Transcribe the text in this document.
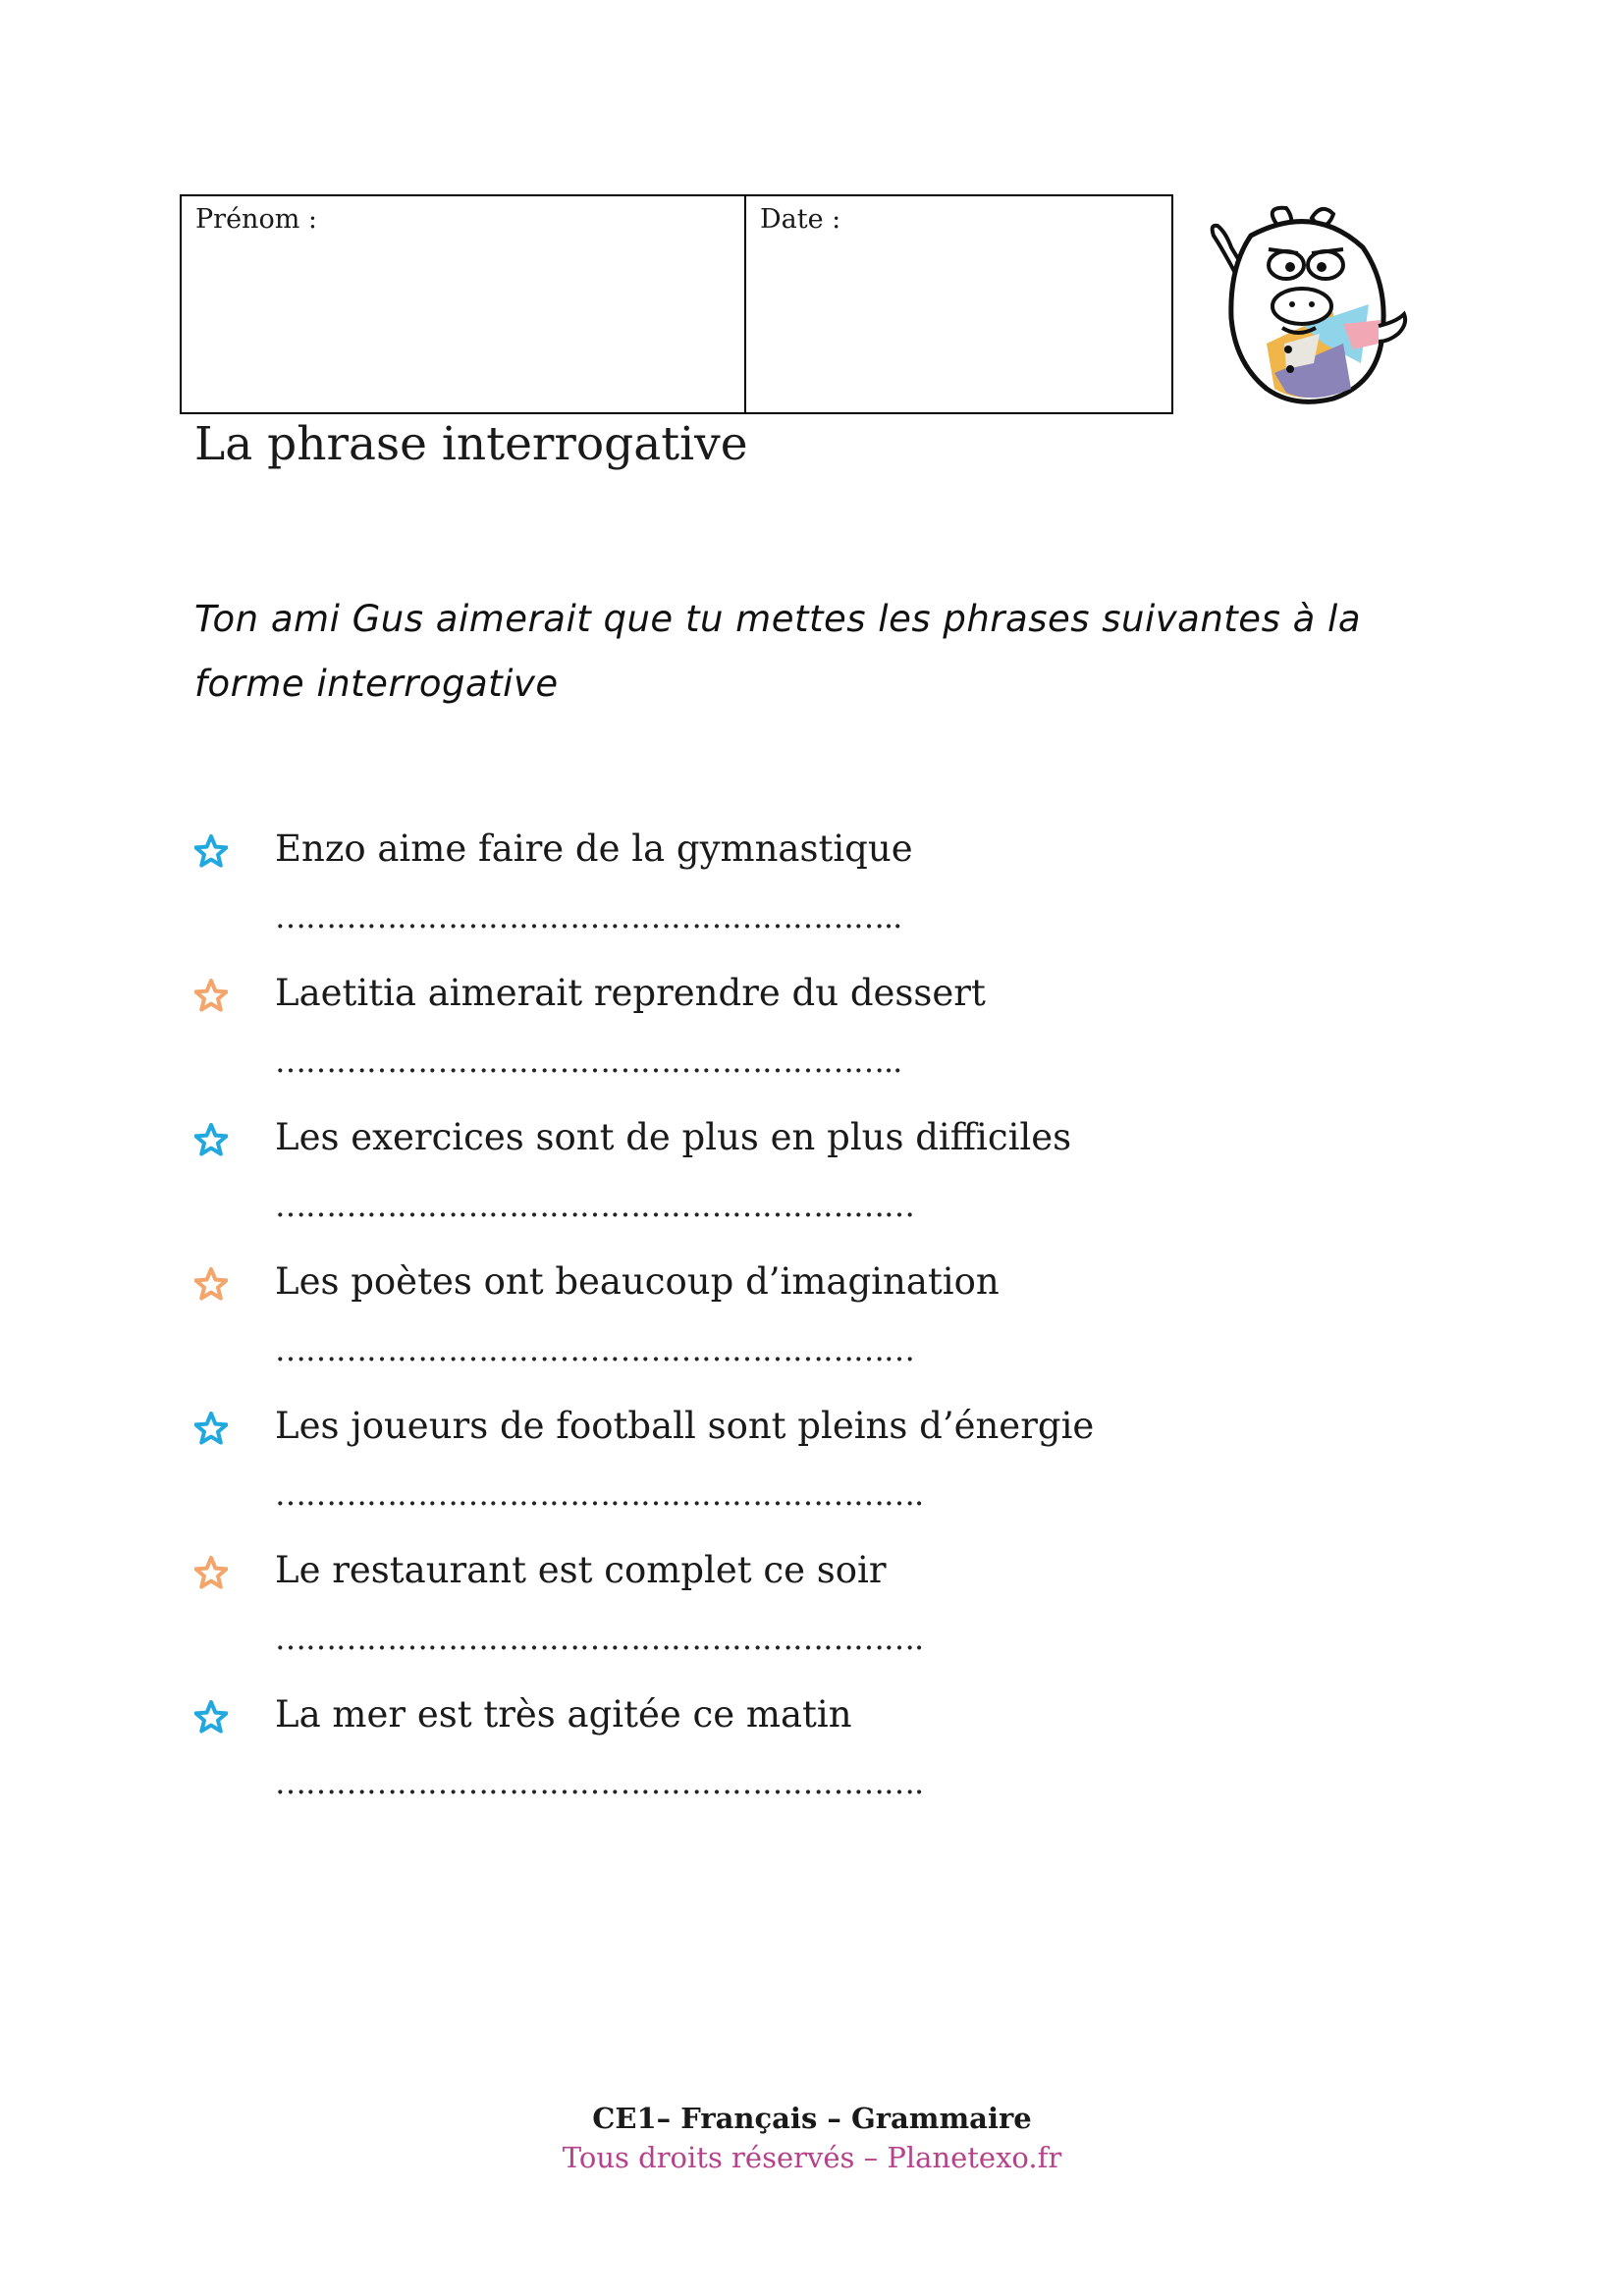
Prénom :	Date :
La phrase interrogative

Ton ami Gus aimerait que tu mettes les phrases suivantes à la forme interrogative

Enzo aime faire de la gymnastique
……………………………………………………..
Laetitia aimerait reprendre du dessert
……………………………………………………..
Les exercices sont de plus en plus difficiles
………………………………………………………
Les poètes ont beaucoup d’imagination
………………………………………………………
Les joueurs de football sont pleins d’énergie
……………………………………………………….
Le restaurant est complet ce soir
……………………………………………………….
La mer est très agitée ce matin
……………………………………………………….
CE1– Français – Grammaire
Tous droits réservés – Planetexo.fr
